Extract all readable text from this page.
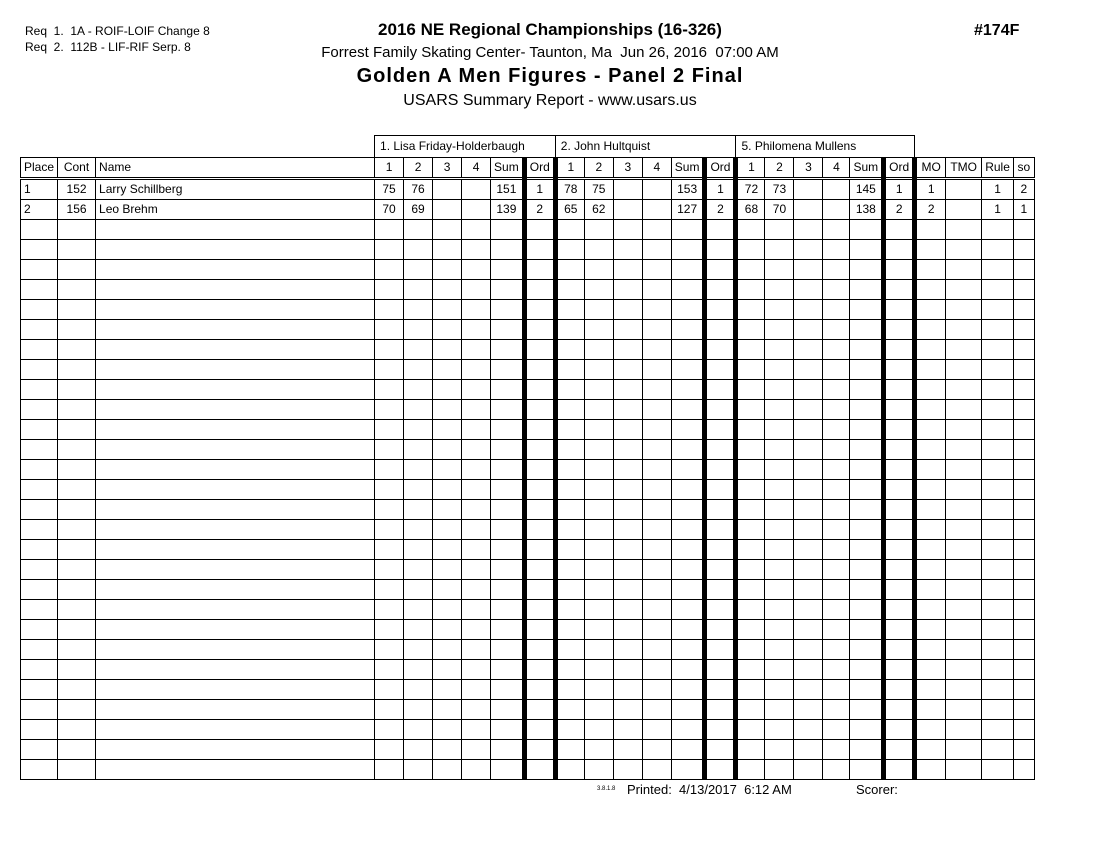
Req  1.  1A - ROIF-LOIF Change 8
Req  2.  112B - LIF-RIF Serp. 8
2016 NE Regional Championships (16-326)
Forrest Family Skating Center- Taunton, Ma  Jun 26, 2016  07:00 AM
Golden A Men Figures - Panel 2 Final
USARS Summary Report - www.usars.us
#174F
			1. Lisa Friday-Holderbaugh						2. John Hultquist						5. Philomena Mullens									
Place	Cont	Name	1	2	3	4	Sum	Ord	1	2	3	4	Sum	Ord	1	2	3	4	Sum	Ord	MO	TMO	Rule	so
1	152	Larry Schillberg	75	76			151	1	78	75			153	1	72	73			145	1	1		1	2
2	156	Leo Brehm	70	69			139	2	65	62			127	2	68	70			138	2	2		1	1

3.8.1.8 Printed:  4/13/2017  6:12 AM	Scorer:
